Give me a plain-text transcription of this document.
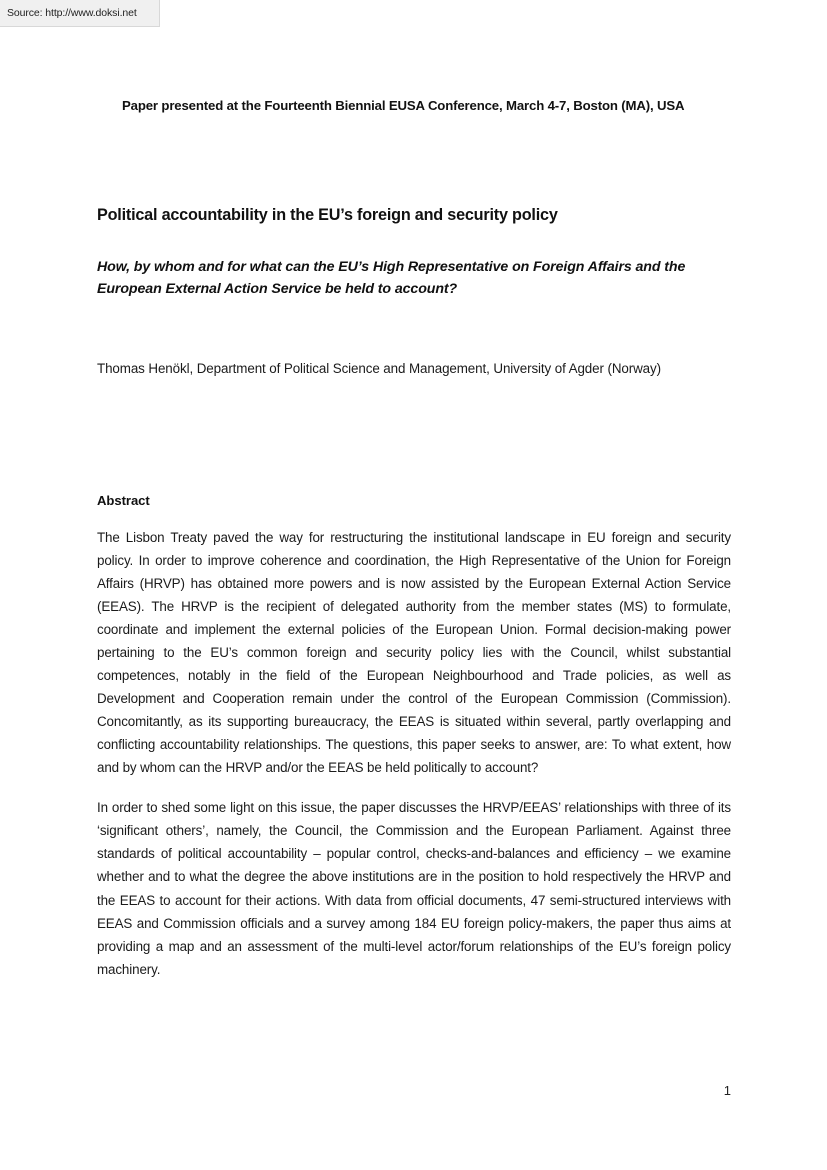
Paper presented at the Fourteenth Biennial EUSA Conference, March 4-7, Boston (MA), USA
Political accountability in the EU’s foreign and security policy
How, by whom and for what can the EU’s High Representative on Foreign Affairs and the European External Action Service be held to account?
Thomas Henökl, Department of Political Science and Management, University of Agder (Norway)
Abstract

The Lisbon Treaty paved the way for restructuring the institutional landscape in EU foreign and security policy. In order to improve coherence and coordination, the High Representative of the Union for Foreign Affairs (HRVP) has obtained more powers and is now assisted by the European External Action Service (EEAS). The HRVP is the recipient of delegated authority from the member states (MS) to formulate, coordinate and implement the external policies of the European Union. Formal decision-making power pertaining to the EU’s common foreign and security policy lies with the Council, whilst substantial competences, notably in the field of the European Neighbourhood and Trade policies, as well as Development and Cooperation remain under the control of the European Commission (Commission). Concomitantly, as its supporting bureaucracy, the EEAS is situated within several, partly overlapping and conflicting accountability relationships. The questions, this paper seeks to answer, are: To what extent, how and by whom can the HRVP and/or the EEAS be held politically to account?

In order to shed some light on this issue, the paper discusses the HRVP/EEAS’ relationships with three of its ‘significant others’, namely, the Council, the Commission and the European Parliament. Against three standards of political accountability – popular control, checks-and-balances and efficiency – we examine whether and to what the degree the above institutions are in the position to hold respectively the HRVP and the EEAS to account for their actions. With data from official documents, 47 semi-structured interviews with EEAS and Commission officials and a survey among 184 EU foreign policy-makers, the paper thus aims at providing a map and an assessment of the multi-level actor/forum relationships of the EU’s foreign policy machinery.

1
Source: http://www.doksi.net
